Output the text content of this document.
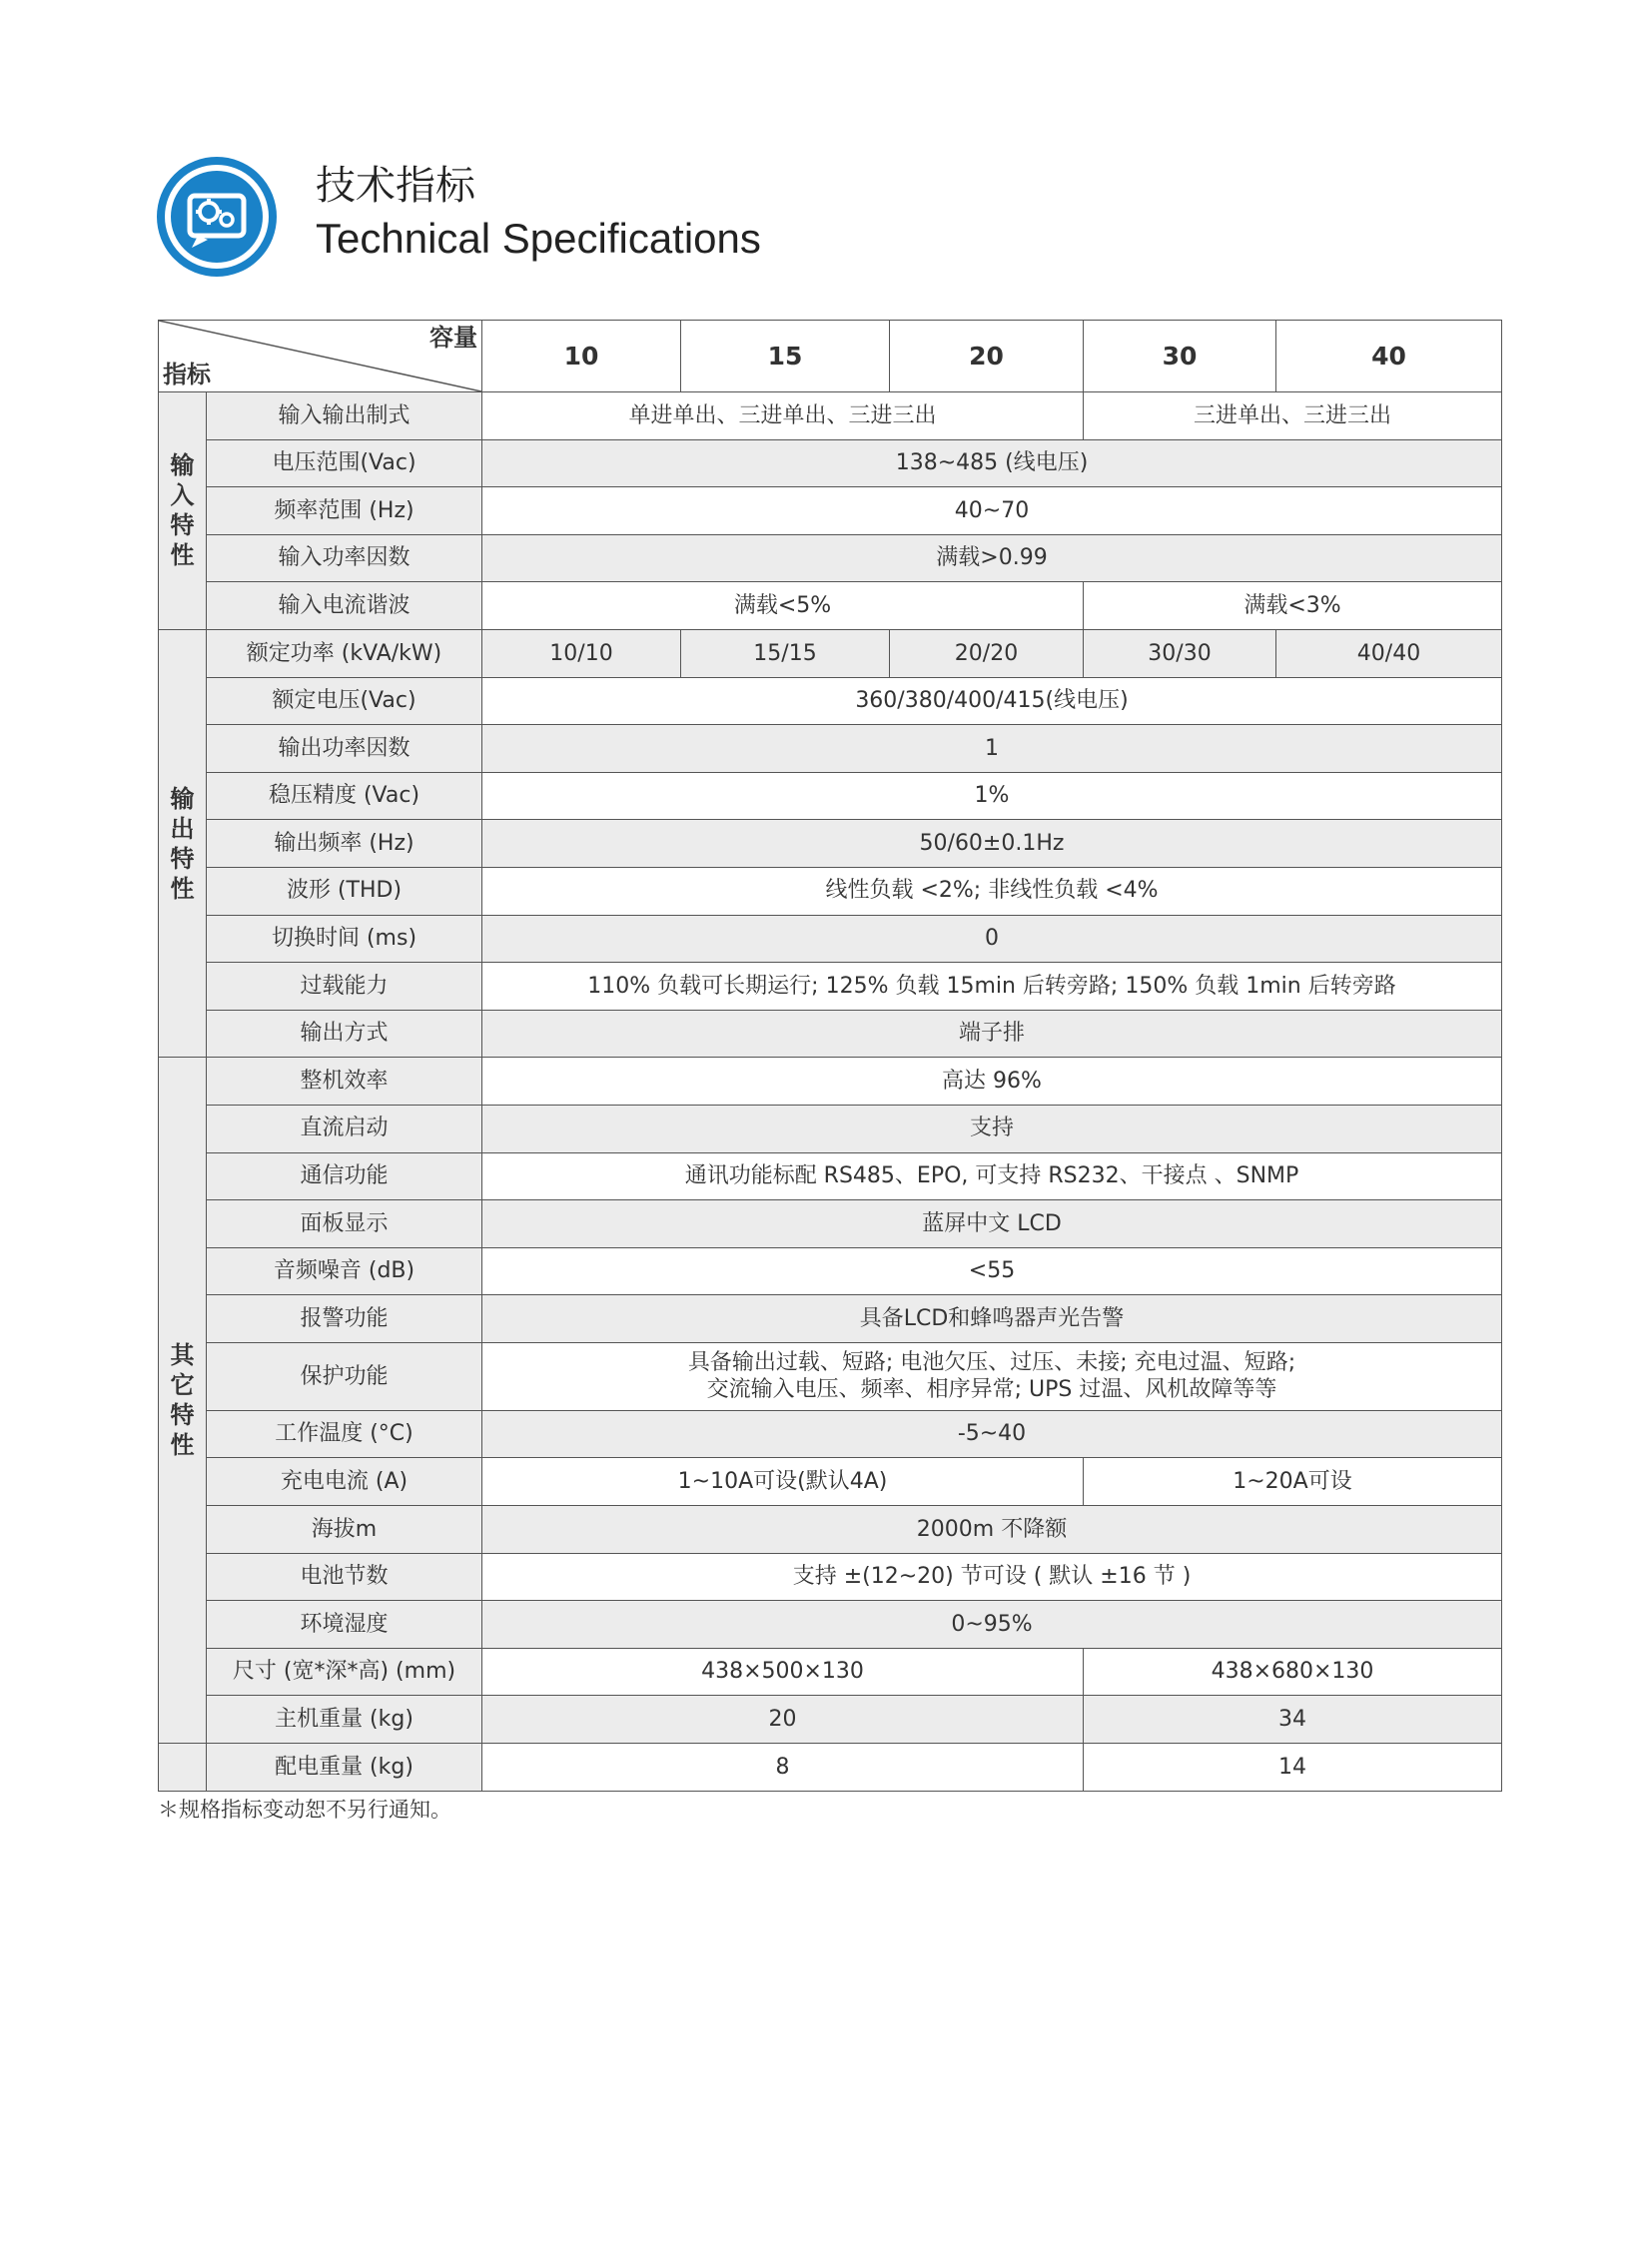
技术指标
Technical Specifications
容量
指标		10	15	20	30	40
输
入
特
性	输入输出制式	单进单出、三进单出、三进三出			三进单出、三进三出	
	电压范围(Vac)	138~485 (线电压)				
	频率范围 (Hz)	40~70				
	输入功率因数	满载>0.99				
	输入电流谐波	满载<5%			满载<3%	
输
出
特
性	额定功率 (kVA/kW)	10/10	15/15	20/20	30/30	40/40
	额定电压(Vac)	360/380/400/415(线电压)				
	输出功率因数	1				
	稳压精度 (Vac)	1%				
	输出频率 (Hz)	50/60±0.1Hz				
	波形 (THD)	线性负载 <2%; 非线性负载 <4%				
	切换时间 (ms)	0				
	过载能力	110% 负载可长期运行; 125% 负载 15min 后转旁路; 150% 负载 1min 后转旁路				
	输出方式	端子排				
其
它
特
性	整机效率	高达 96%				
	直流启动	支持				
	通信功能	通讯功能标配 RS485、EPO, 可支持 RS232、干接点 、SNMP				
	面板显示	蓝屏中文 LCD				
	音频噪音 (dB)	<55				
	报警功能	具备LCD和蜂鸣器声光告警				
	保护功能	具备输出过载、短路; 电池欠压、过压、未接; 充电过温、短路;
交流输入电压、频率、相序异常; UPS 过温、风机故障等等				

	工作温度 (°C)	-5~40				
	充电电流 (A)	1~10A可设(默认4A)			1~20A可设	
	海拔m	2000m 不降额				
	电池节数	支持 ±(12~20) 节可设 ( 默认 ±16 节 )				
	环境湿度	0~95%				
	尺寸 (宽*深*高) (mm)	438×500×130			438×680×130	
	主机重量 (kg)	20			34	
	配电重量 (kg)	8			14	
＊规格指标变动恕不另行通知。
